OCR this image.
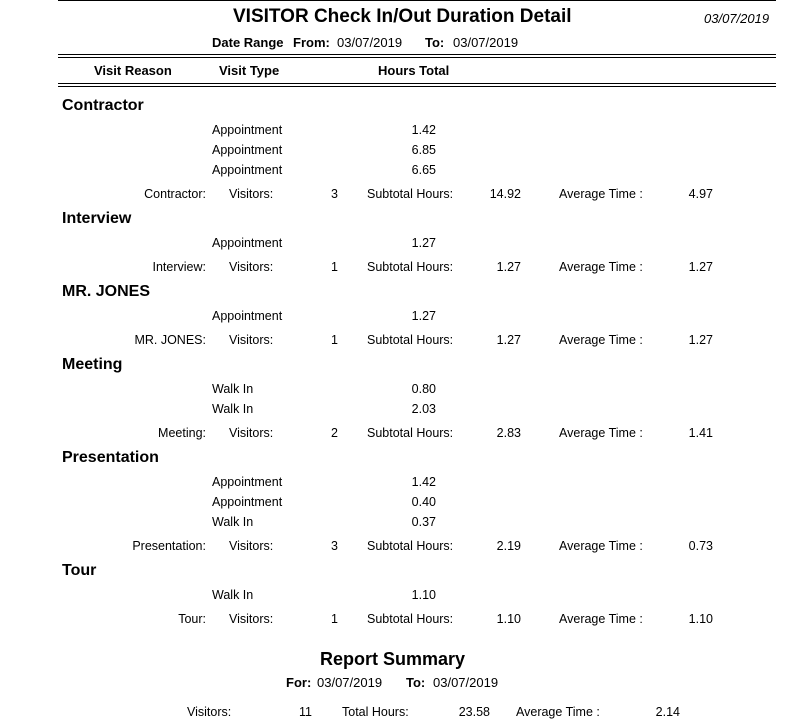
VISITOR Check In/Out Duration Detail	03/07/2019
Date Range From: 03/07/2019 To: 03/07/2019
Visit Reason	Visit Type	Hours Total
Contractor
Appointment	1.42
Appointment	6.85
Appointment	6.65
Contractor: Visitors:	3 Subtotal Hours:	14.92	Average Time :	4.97
Interview
Appointment	1.27
Interview: Visitors:	1 Subtotal Hours:	1.27	Average Time :	1.27
MR. JONES
Appointment	1.27
MR. JONES: Visitors:	1 Subtotal Hours:	1.27	Average Time :	1.27
Meeting
Walk In	0.80
Walk In	2.03
Meeting: Visitors:	2 Subtotal Hours:	2.83	Average Time :	1.41
Presentation
Appointment	1.42
Appointment	0.40
Walk In	0.37
Presentation: Visitors:	3 Subtotal Hours:	2.19	Average Time :	0.73
Tour
Walk In	1.10
Tour: Visitors:	1 Subtotal Hours:	1.10	Average Time :	1.10
Report Summary
For: 03/07/2019 To: 03/07/2019
Visitors:	11 Total Hours:	23.58 Average Time :	2.14
